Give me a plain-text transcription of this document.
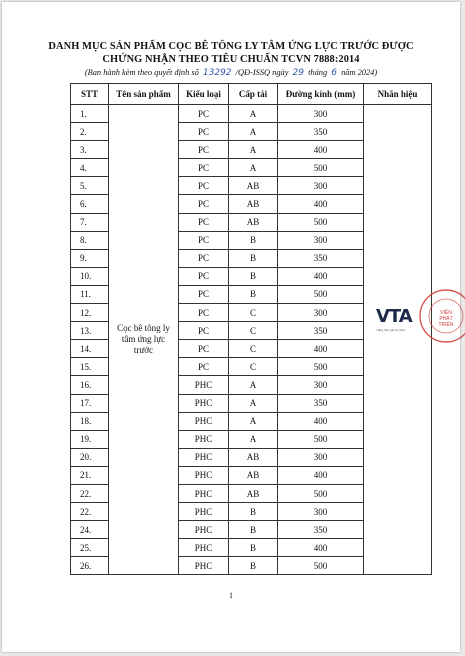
DANH MỤC SẢN PHẨM CỌC BÊ TÔNG LY TÂM ỨNG LỰC TRƯỚC ĐƯỢC
CHỨNG NHẬN THEO TIÊU CHUẨN TCVN 7888:2014
(Ban hành kèm theo quyết định số 13292 /QĐ-ISSQ ngày 29 tháng 6 năm 2024)
STT	Tên sản phẩm	Kiểu loại	Cấp tải	Đường kính (mm)	Nhãn hiệu
1.	Cọc bê tông ly tâm ứng lực trước	PC	A	300	VTA
vững bền giá trị thực
VIỆN
PHÁT
TRIỂN

2.		PC	A	350	
3.		PC	A	400	
4.		PC	A	500	
5.		PC	AB	300	
6.		PC	AB	400	
7.		PC	AB	500	
8.		PC	B	300	
9.		PC	B	350	
10.		PC	B	400	
11.		PC	B	500	
12.		PC	C	300	
13.		PC	C	350	
14.		PC	C	400	
15.		PC	C	500	
16.		PHC	A	300	
17.		PHC	A	350	
18.		PHC	A	400	
19.		PHC	A	500	
20.		PHC	AB	300	
21.		PHC	AB	400	
22.		PHC	AB	500	
22.		PHC	B	300	
24.		PHC	B	350	
25.		PHC	B	400	
26.		PHC	B	500	
1
